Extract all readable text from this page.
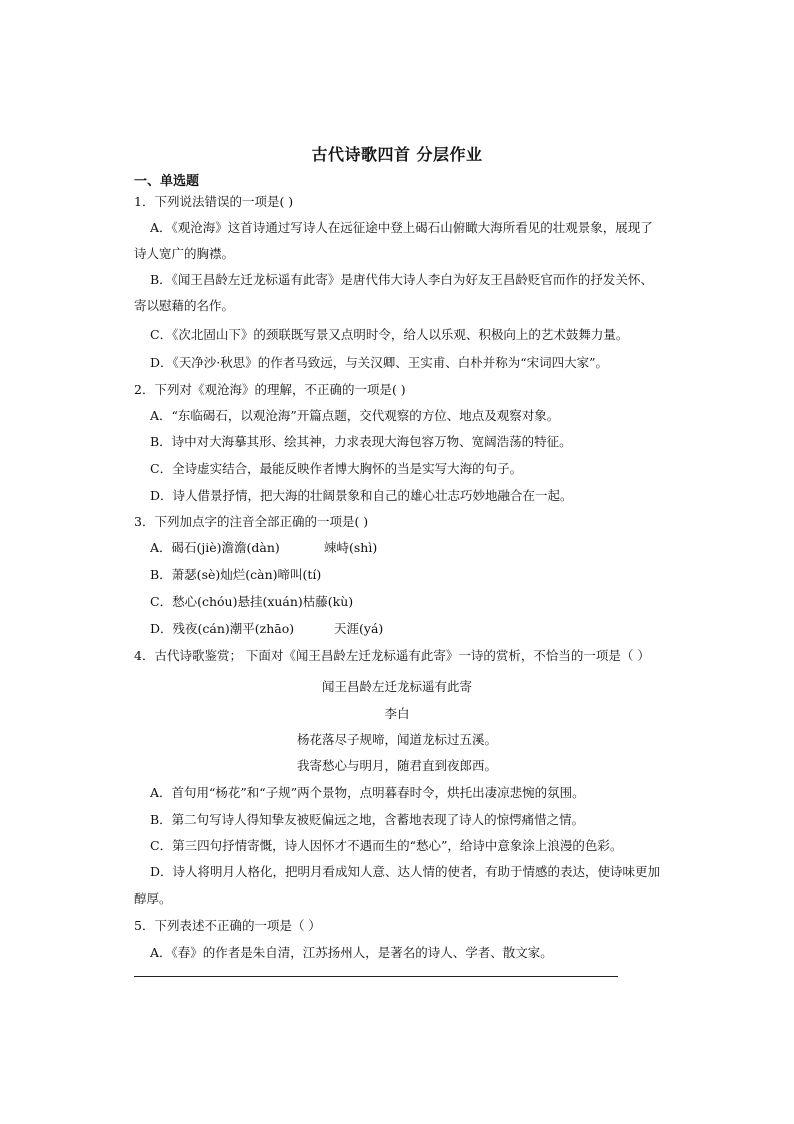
古代诗歌四首 分层作业
一、单选题
1．下列说法错误的一项是( )
A．《观沧海》这首诗通过写诗人在远征途中登上碣石山俯瞰大海所看见的壮观景象，展现了
诗人宽广的胸襟。
B．《闻王昌龄左迁龙标遥有此寄》是唐代伟大诗人李白为好友王昌龄贬官而作的抒发关怀、
寄以慰藉的名作。
C．《次北固山下》的颈联既写景又点明时令，给人以乐观、积极向上的艺术鼓舞力量。
D．《天净沙·秋思》的作者马致远，与关汉卿、王实甫、白朴并称为“宋词四大家”。
2．下列对《观沧海》的理解，不正确的一项是( )
A．“东临碣石，以观沧海”开篇点题，交代观察的方位、地点及观察对象。
B．诗中对大海摹其形、绘其神，力求表现大海包容万物、宽阔浩荡的特征。
C．全诗虚实结合，最能反映作者博大胸怀的当是实写大海的句子。
D．诗人借景抒情，把大海的壮阔景象和自己的雄心壮志巧妙地融合在一起。
3．下列加点字的注音全部正确的一项是( )
A．碣石(jiè)澹澹(dàn)	竦峙(shì)
B．萧瑟(sè)灿烂(càn)啼叫(tí)
C．愁心(chóu)悬挂(xuán)枯藤(kù)
D．残夜(cán)潮平(zhāo)	天涯(yá)
4．古代诗歌鉴赏； 下面对《闻王昌龄左迁龙标遥有此寄》一诗的赏析，不恰当的一项是（ ）
闻王昌龄左迁龙标遥有此寄
李白
杨花落尽子规啼，闻道龙标过五溪。
我寄愁心与明月，随君直到夜郎西。
A．首句用“杨花”和“子规”两个景物，点明暮春时令，烘托出凄凉悲惋的氛围。
B．第二句写诗人得知挚友被贬偏远之地，含蓄地表现了诗人的惊愕痛惜之情。
C．第三四句抒情寄慨，诗人因怀才不遇而生的“愁心”，给诗中意象涂上浪漫的色彩。
D．诗人将明月人格化，把明月看成知人意、达人情的使者，有助于情感的表达，使诗味更加
醇厚。
5．下列表述不正确的一项是（ ）
A．《春》的作者是朱自清，江苏扬州人，是著名的诗人、学者、散文家。
